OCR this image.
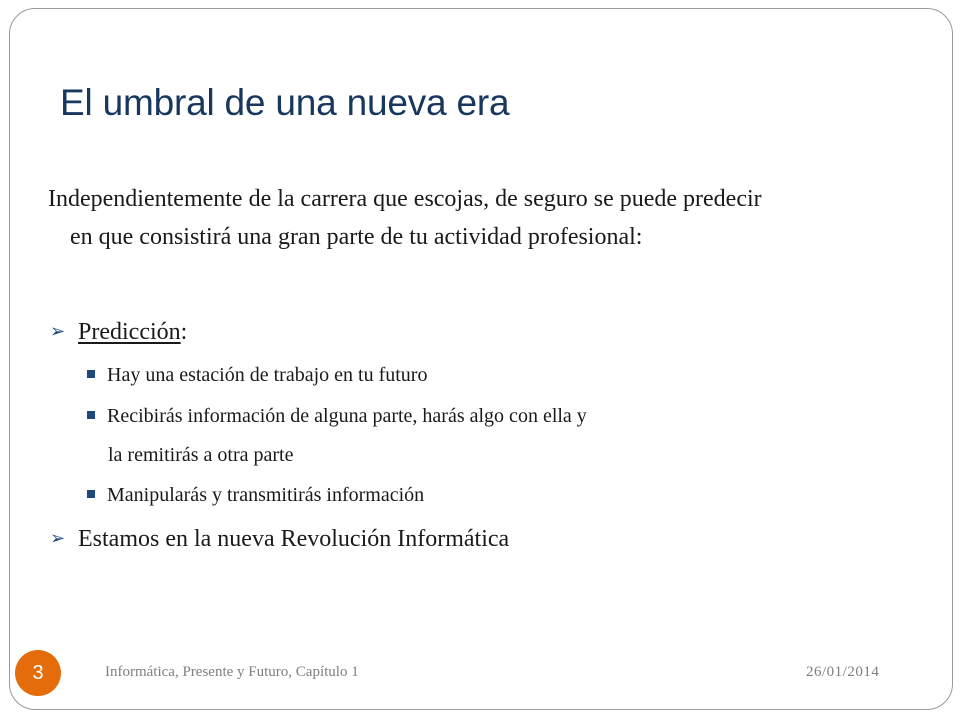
El umbral de una nueva era
Independientemente de la carrera que escojas, de seguro se puede predecir
en que consistirá una gran parte de tu actividad profesional:
➢ Predicción:
Hay una estación de trabajo en tu futuro
Recibirás información de alguna parte, harás algo con ella y
la remitirás a otra parte
Manipularás y transmitirás información
➢ Estamos en la nueva Revolución Informática
3	Informática, Presente y Futuro, Capítulo 1	26/01/2014
